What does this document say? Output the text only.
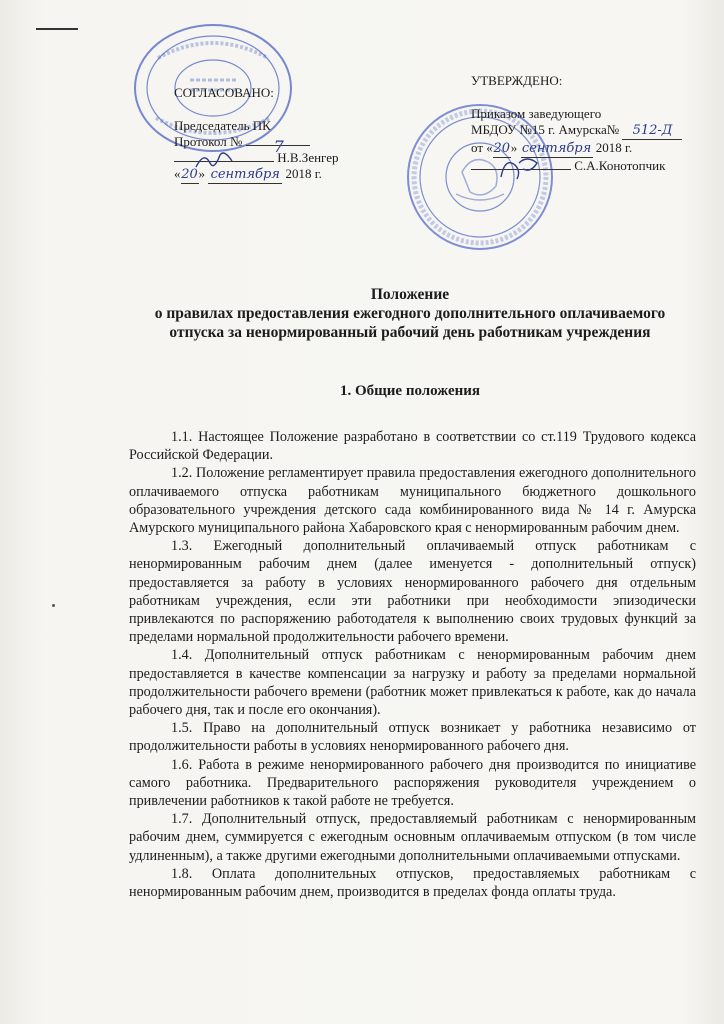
СОГЛАСОВАНО:
Председатель ПК
Протокол № 7
Н.В.Зенгер
«20» сентября 2018 г.
УТВЕРЖДЕНО:
Приказом заведующего
МБДОУ №15 г. Амурска№ 512-Д
от «20» сентября 2018 г.
С.А.Конотопчик
Положение
о правилах предоставления ежегодного дополнительного оплачиваемого
отпуска за ненормированный рабочий день работникам учреждения
1. Общие положения

1.1. Настоящее Положение разработано в соответствии со ст.119 Трудового кодекса Российской Федерации.

1.2. Положение регламентирует правила предоставления ежегодного дополнительного оплачиваемого отпуска работникам муниципального бюджетного дошкольного образовательного учреждения детского сада комбинированного вида № 14 г. Амурска Амурского муниципального района Хабаровского края с ненормированным рабочим днем.

1.3. Ежегодный дополнительный оплачиваемый отпуск работникам с ненормированным рабочим днем (далее именуется - дополнительный отпуск) предоставляется за работу в условиях ненормированного рабочего дня отдельным работникам учреждения, если эти работники при необходимости эпизодически привлекаются по распоряжению работодателя к выполнению своих трудовых функций за пределами нормальной продолжительности рабочего времени.

1.4. Дополнительный отпуск работникам с ненормированным рабочим днем предоставляется в качестве компенсации за нагрузку и работу за пределами нормальной продолжительности рабочего времени (работник может привлекаться к работе, как до начала рабочего дня, так и после его окончания).

1.5. Право на дополнительный отпуск возникает у работника независимо от продолжительности работы в условиях ненормированного рабочего дня.

1.6. Работа в режиме ненормированного рабочего дня производится по инициативе самого работника. Предварительного распоряжения руководителя учреждением о привлечении работников к такой работе не требуется.

1.7. Дополнительный отпуск, предоставляемый работникам с ненормированным рабочим днем, суммируется с ежегодным основным оплачиваемым отпуском (в том числе удлиненным), а также другими ежегодными дополнительными оплачиваемыми отпусками.

1.8. Оплата дополнительных отпусков, предоставляемых работникам с ненормированным рабочим днем, производится в пределах фонда оплаты труда.
